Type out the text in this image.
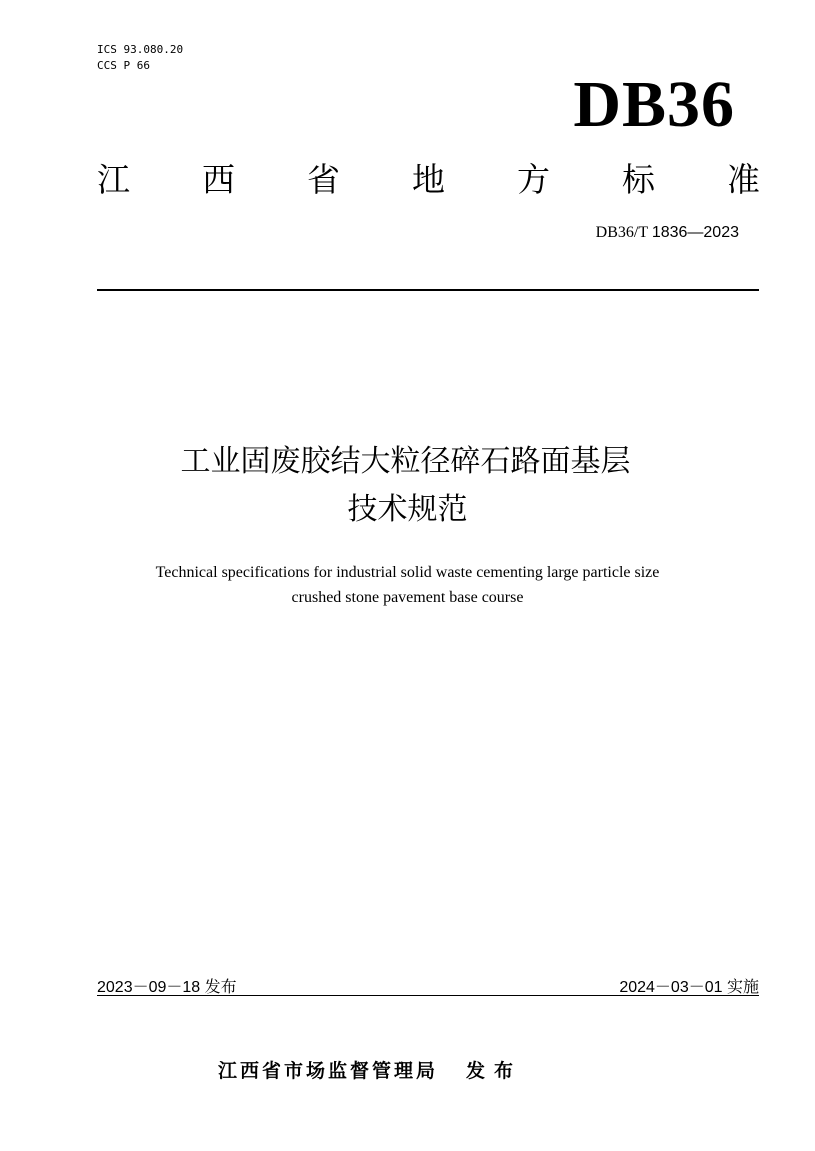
ICS 93.080.20
CCS P 66
DB36
江 西 省 地 方 标 准
DB36/T 1836—2023
工业固废胶结大粒径碎石路面基层
技术规范
Technical specifications for industrial solid waste cementing large particle size
crushed stone pavement base course
2023－09－18 发布	2024－03－01 实施
江西省市场监督管理局 发布
